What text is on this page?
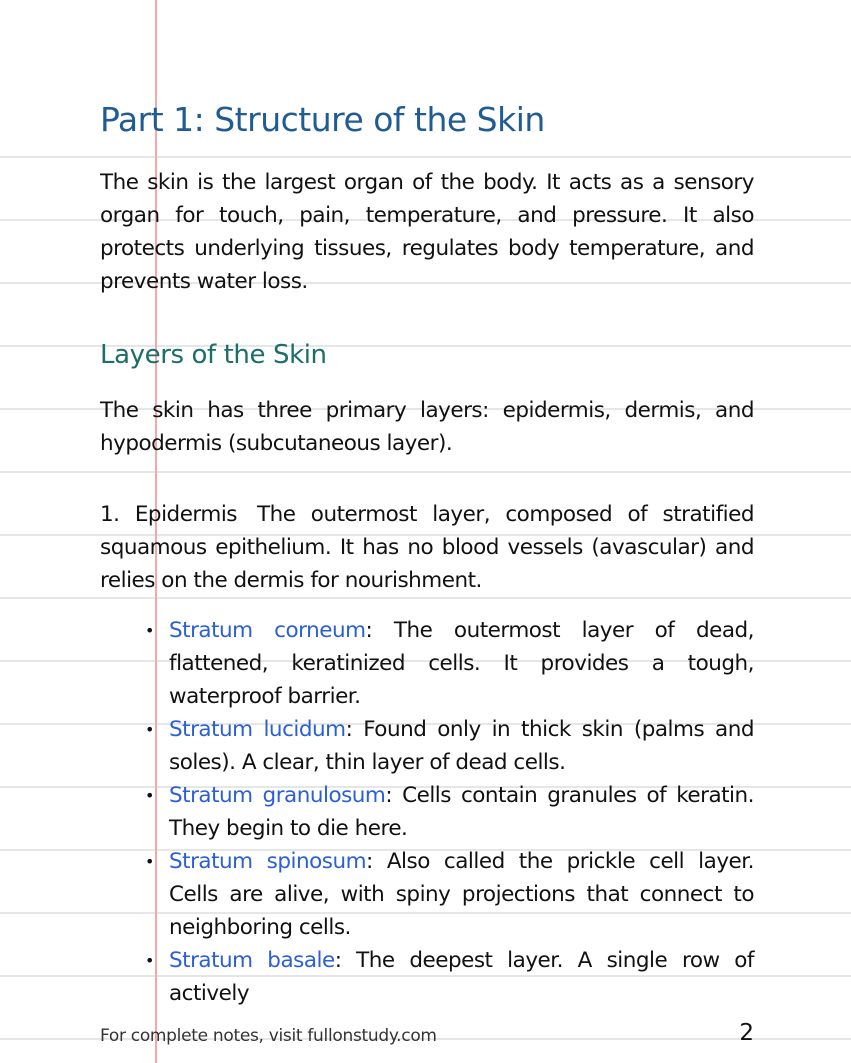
Part 1: Structure of the Skin

The skin is the largest organ of the body. It acts as a sensory organ for touch, pain, temperature, and pressure. It also protects underlying tissues, regulates body temperature, and prevents water loss.

Layers of the Skin

The skin has three primary layers: epidermis, dermis, and hypodermis (subcutaneous layer).

1. Epidermis The outermost layer, composed of stratified squamous epithelium. It has no blood vessels (avascular) and relies on the dermis for nourishment.

• Stratum corneum: The outermost layer of dead, flattened, keratinized cells. It provides a tough, waterproof barrier.
• Stratum lucidum: Found only in thick skin (palms and soles). A clear, thin layer of dead cells.
• Stratum granulosum: Cells contain granules of keratin. They begin to die here.
• Stratum spinosum: Also called the prickle cell layer. Cells are alive, with spiny projections that connect to neighboring cells.
• Stratum basale: The deepest layer. A single row of actively
For complete notes, visit fullonstudy.com	2
